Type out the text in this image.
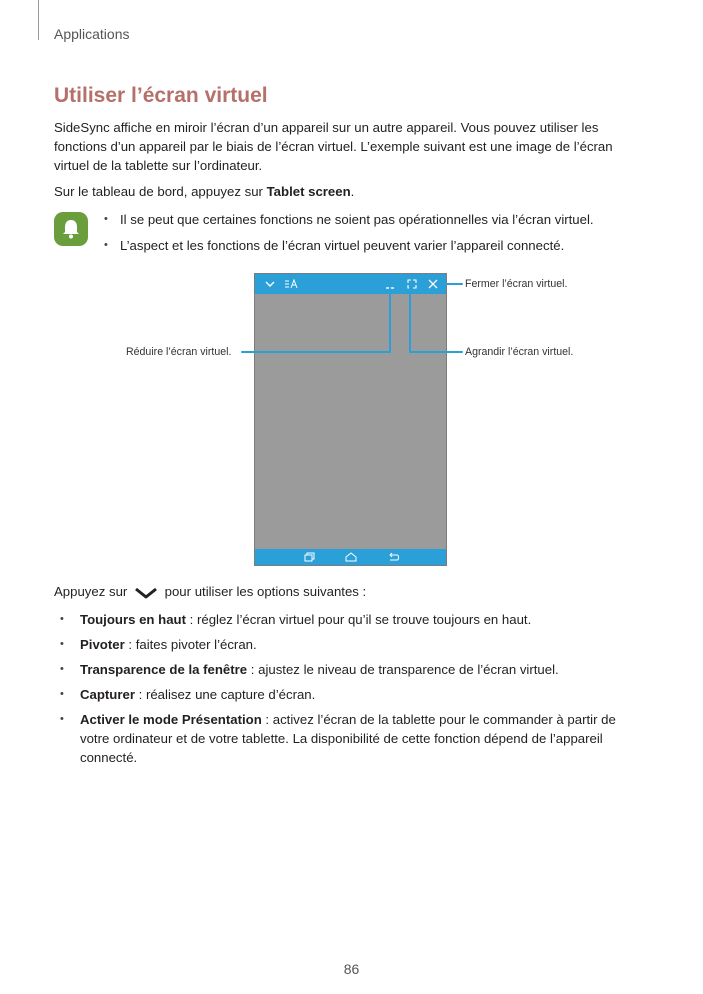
Applications
Utiliser l’écran virtuel

SideSync affiche en miroir l’écran d’un appareil sur un autre appareil. Vous pouvez utiliser les fonctions d’un appareil par le biais de l’écran virtuel. L’exemple suivant est une image de l’écran virtuel de la tablette sur l’ordinateur.

Sur le tableau de bord, appuyez sur Tablet screen.

• Il se peut que certaines fonctions ne soient pas opérationnelles via l’écran virtuel.
• L’aspect et les fonctions de l’écran virtuel peuvent varier l’appareil connecté.
Fermer l’écran virtuel.
Réduire l’écran virtuel.	Agrandir l’écran virtuel.
Appuyez sur  pour utiliser les options suivantes :
• Toujours en haut : réglez l’écran virtuel pour qu’il se trouve toujours en haut.
• Pivoter : faites pivoter l’écran.
• Transparence de la fenêtre : ajustez le niveau de transparence de l’écran virtuel.
• Capturer : réalisez une capture d’écran.
• Activer le mode Présentation : activez l’écran de la tablette pour le commander à partir de votre ordinateur et de votre tablette. La disponibilité de cette fonction dépend de l’appareil connecté.
86
